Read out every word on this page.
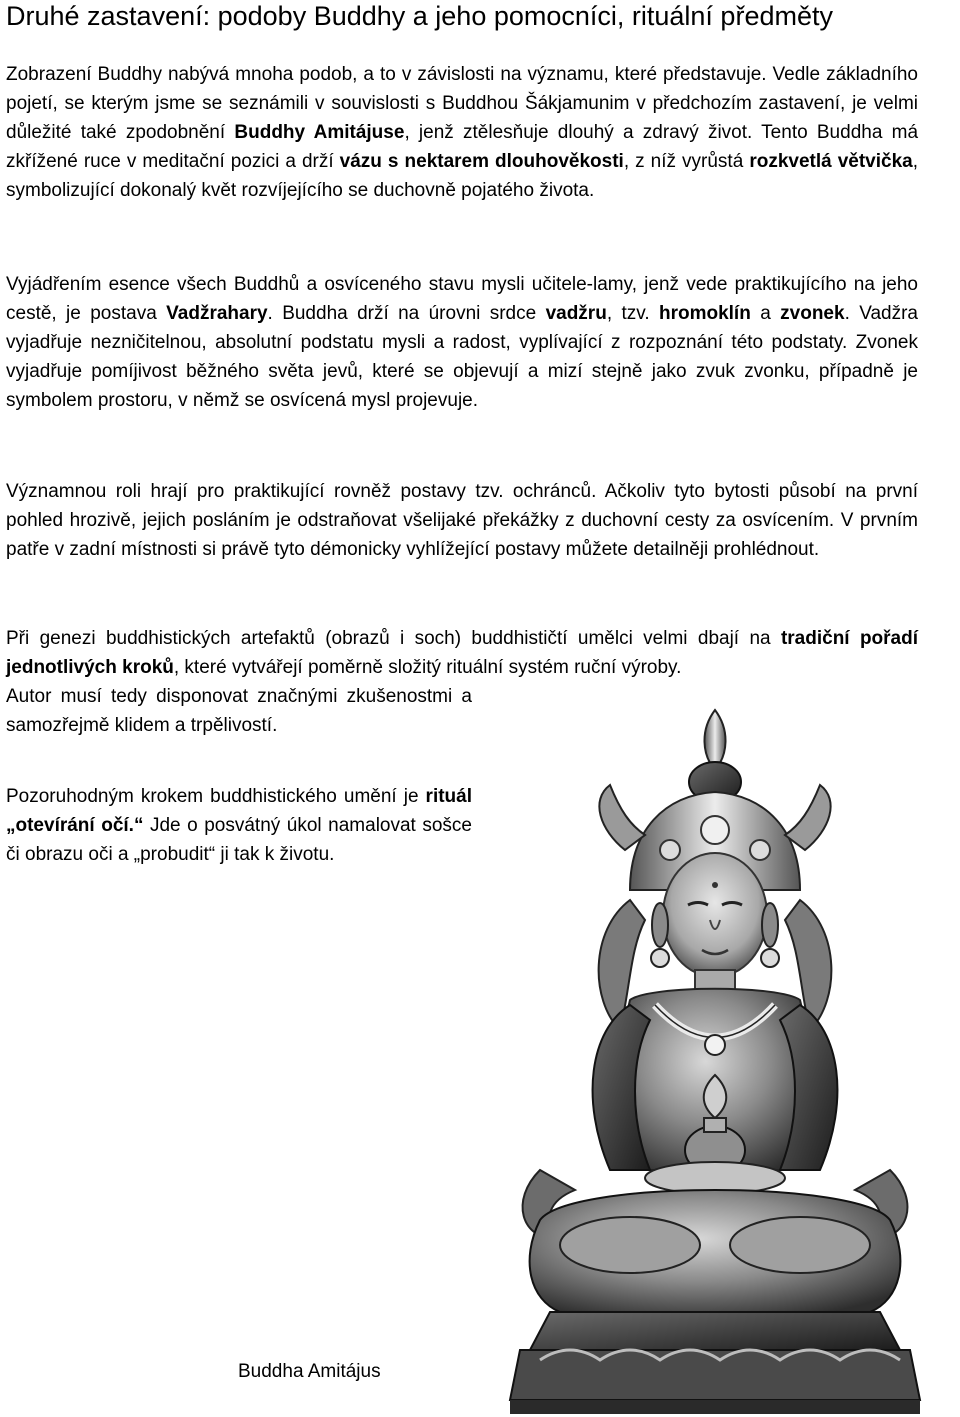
Druhé zastavení: podoby Buddhy a jeho pomocníci, rituální předměty

Zobrazení Buddhy nabývá mnoha podob, a to v závislosti na významu, které představuje. Vedle základního pojetí, se kterým jsme se seznámili v souvislosti s Buddhou Šákjamunim v předchozím zastavení, je velmi důležité také zpodobnění Buddhy Amitájuse, jenž ztělesňuje dlouhý a zdravý život. Tento Buddha má zkřížené ruce v meditační pozici a drží vázu s nektarem dlouhověkosti, z níž vyrůstá rozkvetlá větvička, symbolizující dokonalý květ rozvíjejícího se duchovně pojatého života.

Vyjádřením esence všech Buddhů a osvíceného stavu mysli učitele-lamy, jenž vede praktikujícího na jeho cestě, je postava Vadžrahary. Buddha drží na úrovni srdce vadžru, tzv. hromoklín a zvonek. Vadžra vyjadřuje nezničitelnou, absolutní podstatu mysli a radost, vyplívající z rozpoznání této podstaty. Zvonek vyjadřuje pomíjivost běžného světa jevů, které se objevují a mizí stejně jako zvuk zvonku, případně je symbolem prostoru, v němž se osvícená mysl projevuje.

Významnou roli hrají pro praktikující rovněž postavy tzv. ochránců. Ačkoliv tyto bytosti působí na první pohled hrozivě, jejich posláním je odstraňovat všelijaké překážky z duchovní cesty za osvícením. V prvním patře v zadní místnosti si právě tyto démonicky vyhlížející postavy můžete detailněji prohlédnout.

Při genezi buddhistických artefaktů (obrazů i soch) buddhističtí umělci velmi dbají na tradiční pořadí jednotlivých kroků, které vytvářejí poměrně složitý rituální systém ruční výroby.
Autor musí tedy disponovat značnými zkušenostmi a samozřejmě klidem a trpělivostí.

Pozoruhodným krokem buddhistického umění je rituál „otevírání očí.“ Jde o posvátný úkol namalovat sošce či obrazu oči a „probudit“ ji tak k životu.

Buddha Amitájus
